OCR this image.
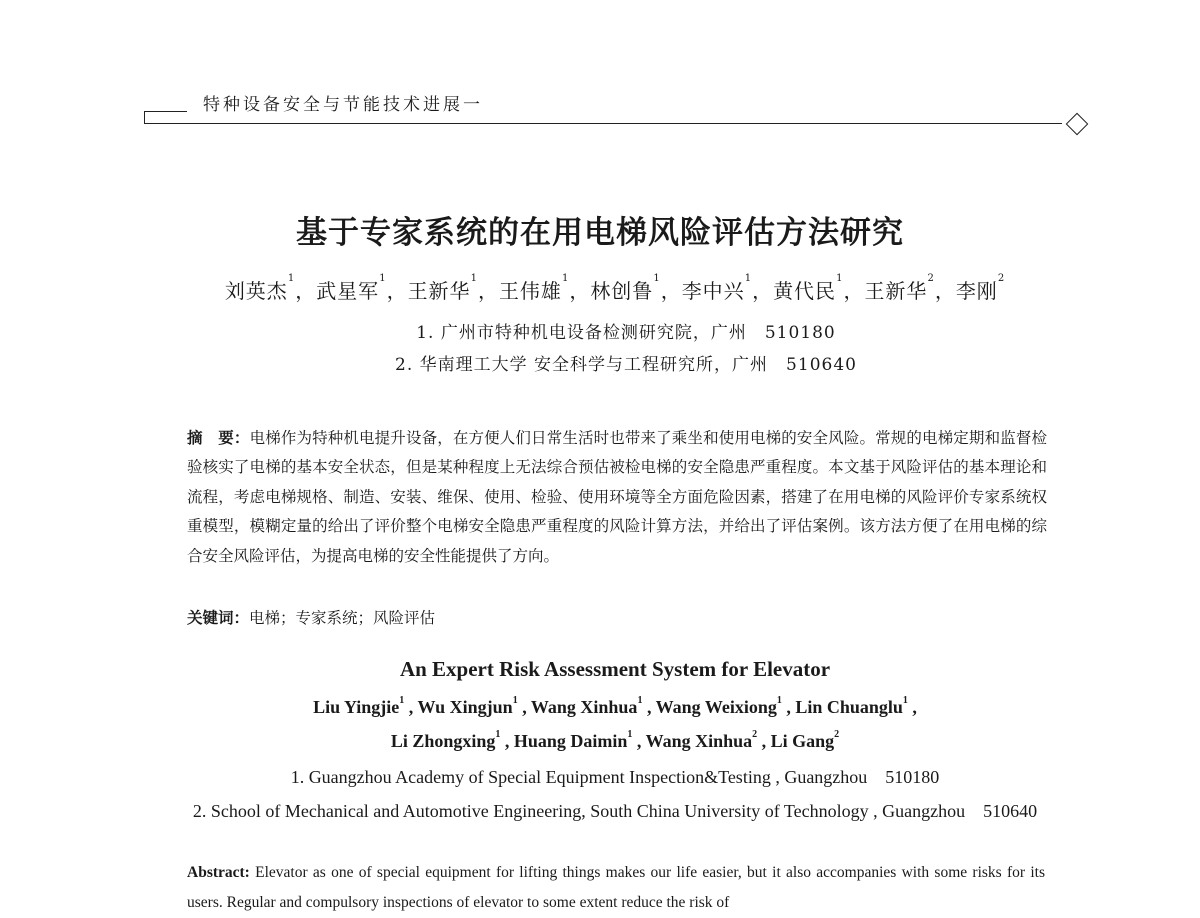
特种设备安全与节能技术进展一
基于专家系统的在用电梯风险评估方法研究
刘英杰$^1$，武星军$^1$，王新华$^1$，王伟雄$^1$，林创鲁$^1$，李中兴$^1$，黄代民$^1$，王新华$^2$，李刚$^2$
1. 广州市特种机电设备检测研究院，广州　510180
2. 华南理工大学 安全科学与工程研究所，广州　510640
摘　要：电梯作为特种机电提升设备，在方便人们日常生活时也带来了乘坐和使用电梯的安全风险。常规的电梯定期和监督检验核实了电梯的基本安全状态，但是某种程度上无法综合预估被检电梯的安全隐患严重程度。本文基于风险评估的基本理论和流程，考虑电梯规格、制造、安装、维保、使用、检验、使用环境等全方面危险因素，搭建了在用电梯的风险评价专家系统权重模型，模糊定量的给出了评价整个电梯安全隐患严重程度的风险计算方法，并给出了评估案例。该方法方便了在用电梯的综合安全风险评估，为提高电梯的安全性能提供了方向。
关键词：电梯；专家系统；风险评估
An Expert Risk Assessment System for Elevator
Liu Yingjie$^1$ , Wu Xingjun$^1$ , Wang Xinhua$^1$ , Wang Weixiong$^1$ , Lin Chuanglu$^1$ ,
Li Zhongxing$^1$ , Huang Daimin$^1$ , Wang Xinhua$^2$ , Li Gang$^2$
1. Guangzhou Academy of Special Equipment Inspection&Testing , Guangzhou　510180
2. School of Mechanical and Automotive Engineering, South China University of Technology , Guangzhou　510640
Abstract: Elevator as one of special equipment for lifting things makes our life easier, but it also accompanies with some risks for its users. Regular and compulsory inspections of elevator to some extent reduce the risk of
